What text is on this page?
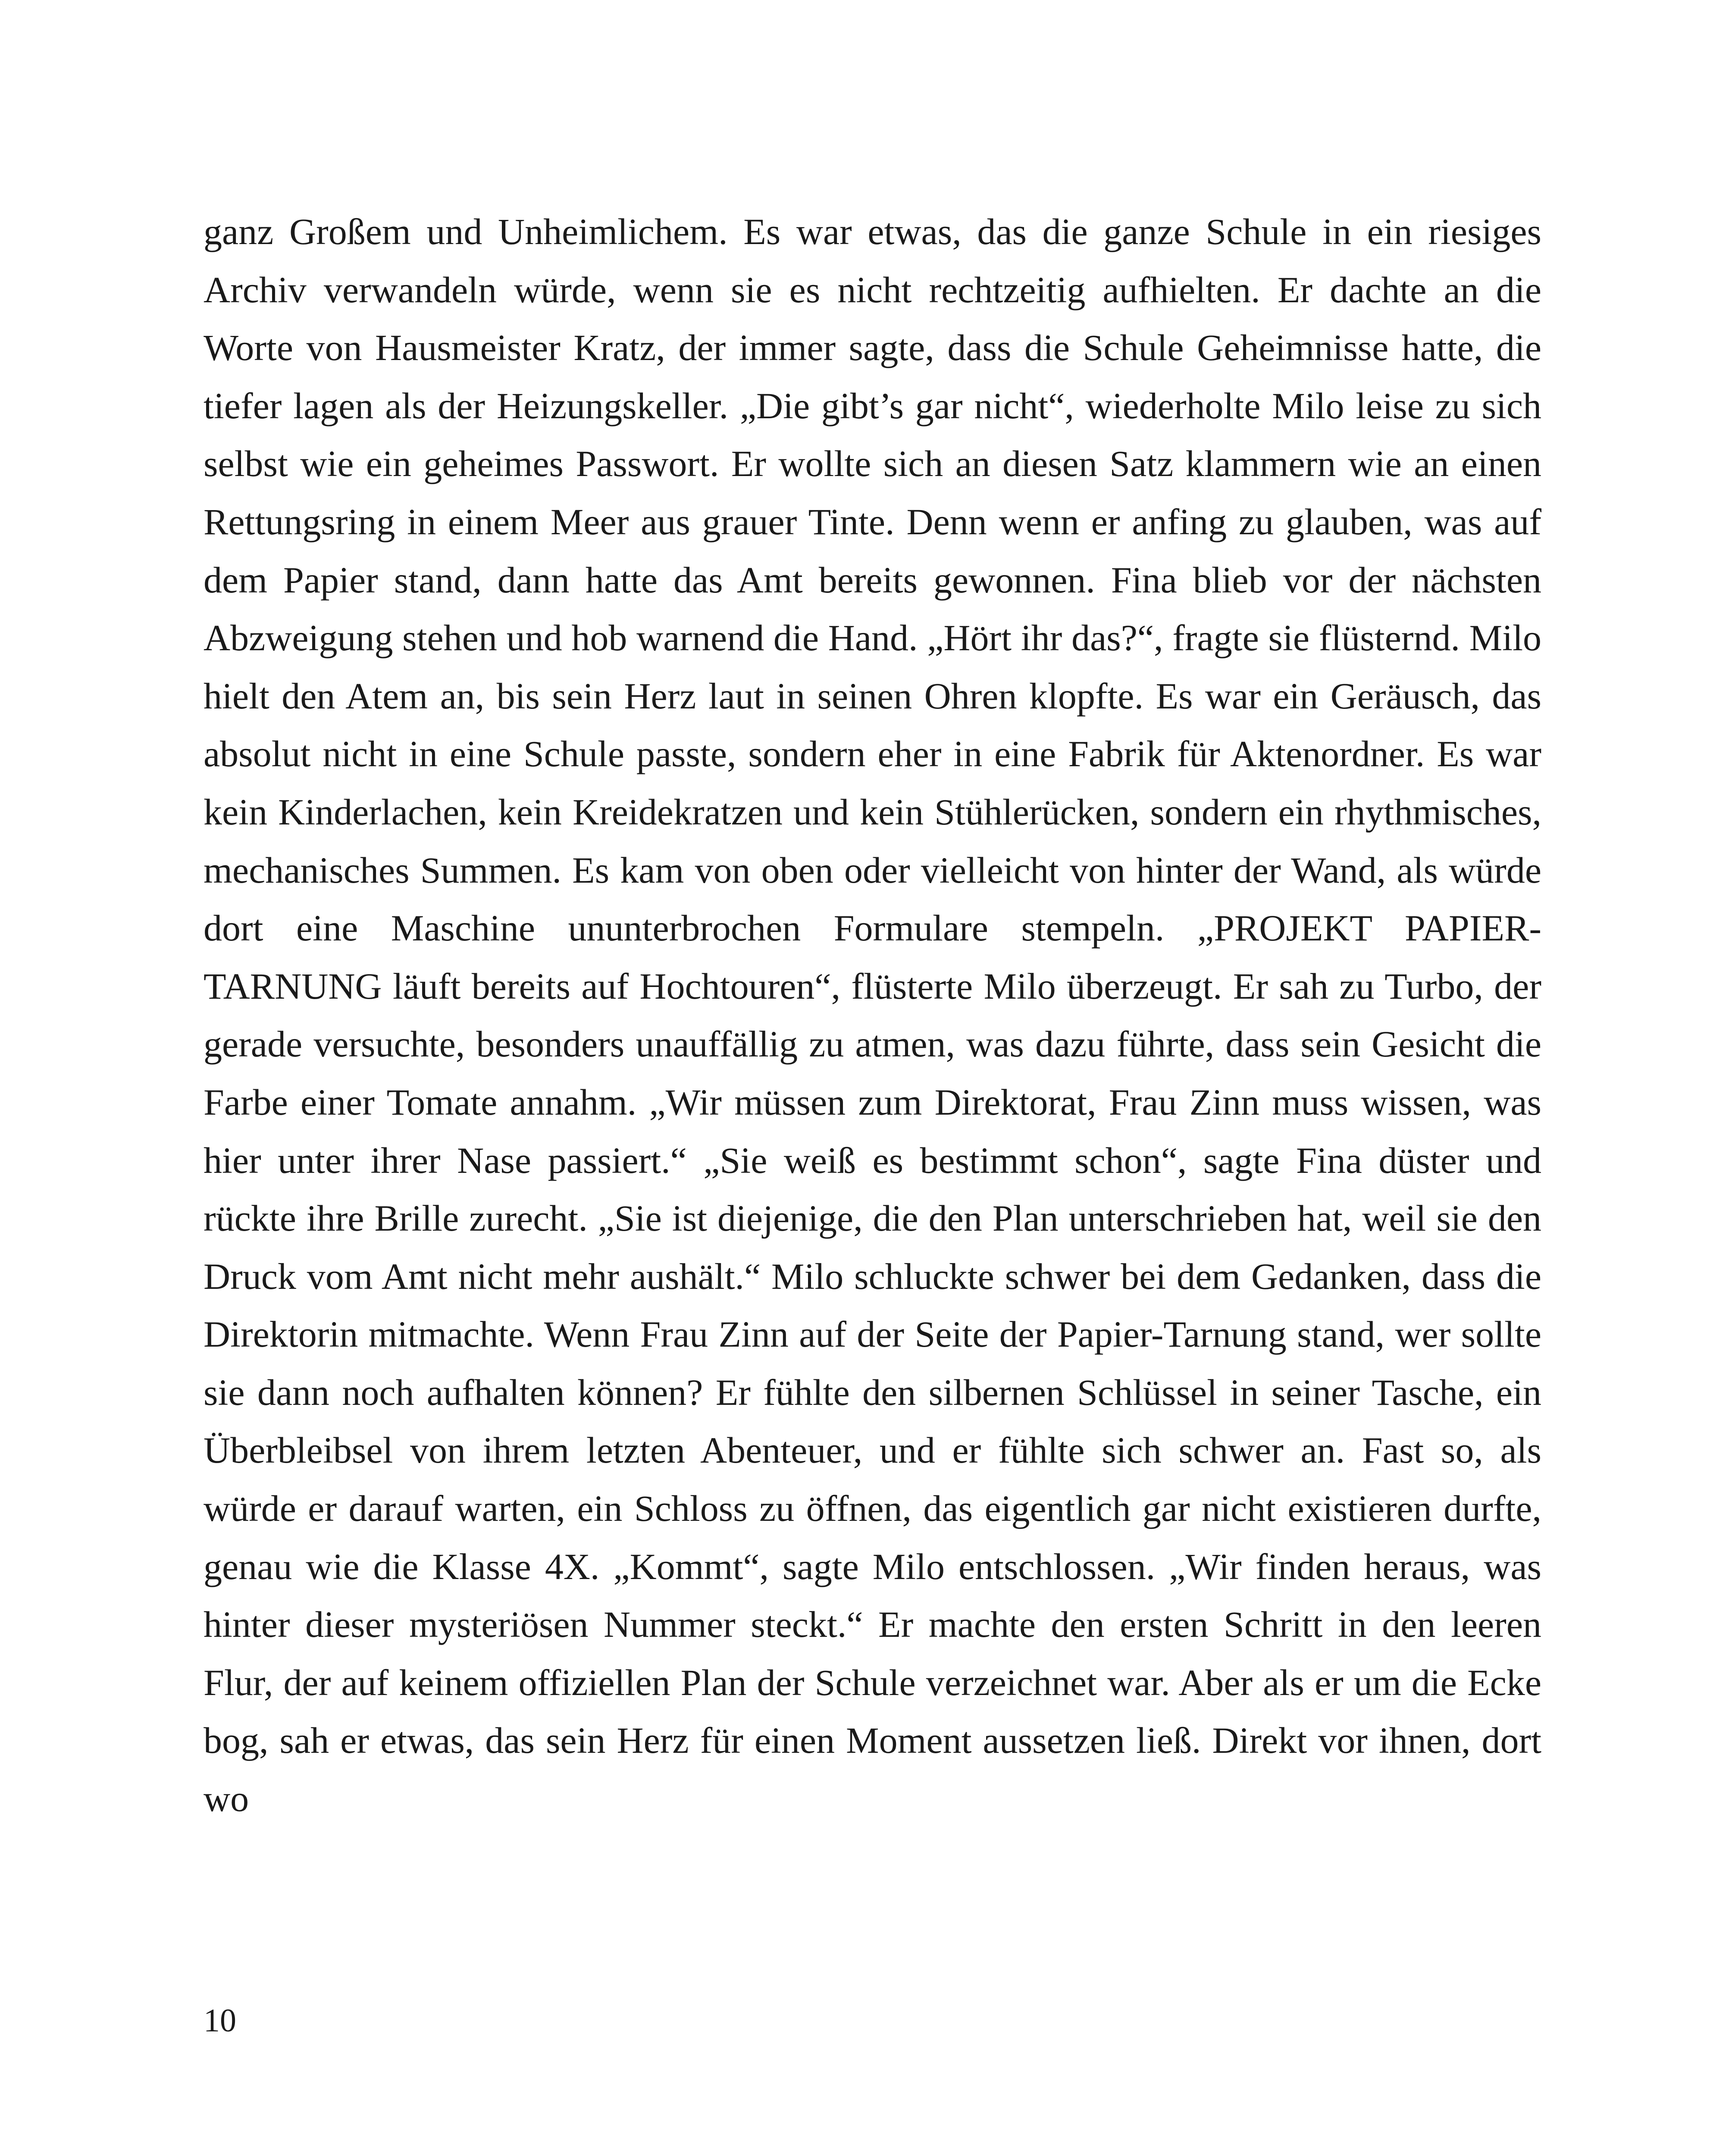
ganz Großem und Unheimlichem. Es war etwas, das die ganze Schule in ein riesiges Archiv verwandeln würde, wenn sie es nicht rechtzeitig aufhielten. Er dachte an die Worte von Hausmeister Kratz, der immer sagte, dass die Schule Geheimnisse hatte, die tiefer lagen als der Heizungskeller. „Die gibt’s gar nicht“, wiederholte Milo leise zu sich selbst wie ein geheimes Passwort. Er wollte sich an diesen Satz klammern wie an einen Rettungsring in einem Meer aus grauer Tinte. Denn wenn er anfing zu glauben, was auf dem Papier stand, dann hatte das Amt bereits gewonnen. Fina blieb vor der nächsten Abzweigung stehen und hob warnend die Hand. „Hört ihr das?“, fragte sie flüsternd. Milo hielt den Atem an, bis sein Herz laut in seinen Ohren klopfte. Es war ein Geräusch, das absolut nicht in eine Schule passte, sondern eher in eine Fabrik für Aktenordner. Es war kein Kinderlachen, kein Kreidekratzen und kein Stühlerücken, sondern ein rhythmisches, mechanisches Summen. Es kam von oben oder vielleicht von hinter der Wand, als würde dort eine Maschine ununterbrochen Formulare stempeln. „PROJEKT PAPIER-TARNUNG läuft bereits auf Hochtouren“, flüsterte Milo überzeugt. Er sah zu Turbo, der gerade versuchte, besonders unauffällig zu atmen, was dazu führte, dass sein Gesicht die Farbe einer Tomate annahm. „Wir müssen zum Direktorat, Frau Zinn muss wissen, was hier unter ihrer Nase passiert.“ „Sie weiß es bestimmt schon“, sagte Fina düster und rückte ihre Brille zurecht. „Sie ist diejenige, die den Plan unterschrieben hat, weil sie den Druck vom Amt nicht mehr aushält.“ Milo schluckte schwer bei dem Gedanken, dass die Direktorin mitmachte. Wenn Frau Zinn auf der Seite der Papier-Tarnung stand, wer sollte sie dann noch aufhalten können? Er fühlte den silbernen Schlüssel in seiner Tasche, ein Überbleibsel von ihrem letzten Abenteuer, und er fühlte sich schwer an. Fast so, als würde er darauf warten, ein Schloss zu öffnen, das eigentlich gar nicht existieren durfte, genau wie die Klasse 4X. „Kommt“, sagte Milo entschlossen. „Wir finden heraus, was hinter dieser mysteriösen Nummer steckt.“ Er machte den ersten Schritt in den leeren Flur, der auf keinem offiziellen Plan der Schule verzeichnet war. Aber als er um die Ecke bog, sah er etwas, das sein Herz für einen Moment aussetzen ließ. Direkt vor ihnen, dort wo

10
